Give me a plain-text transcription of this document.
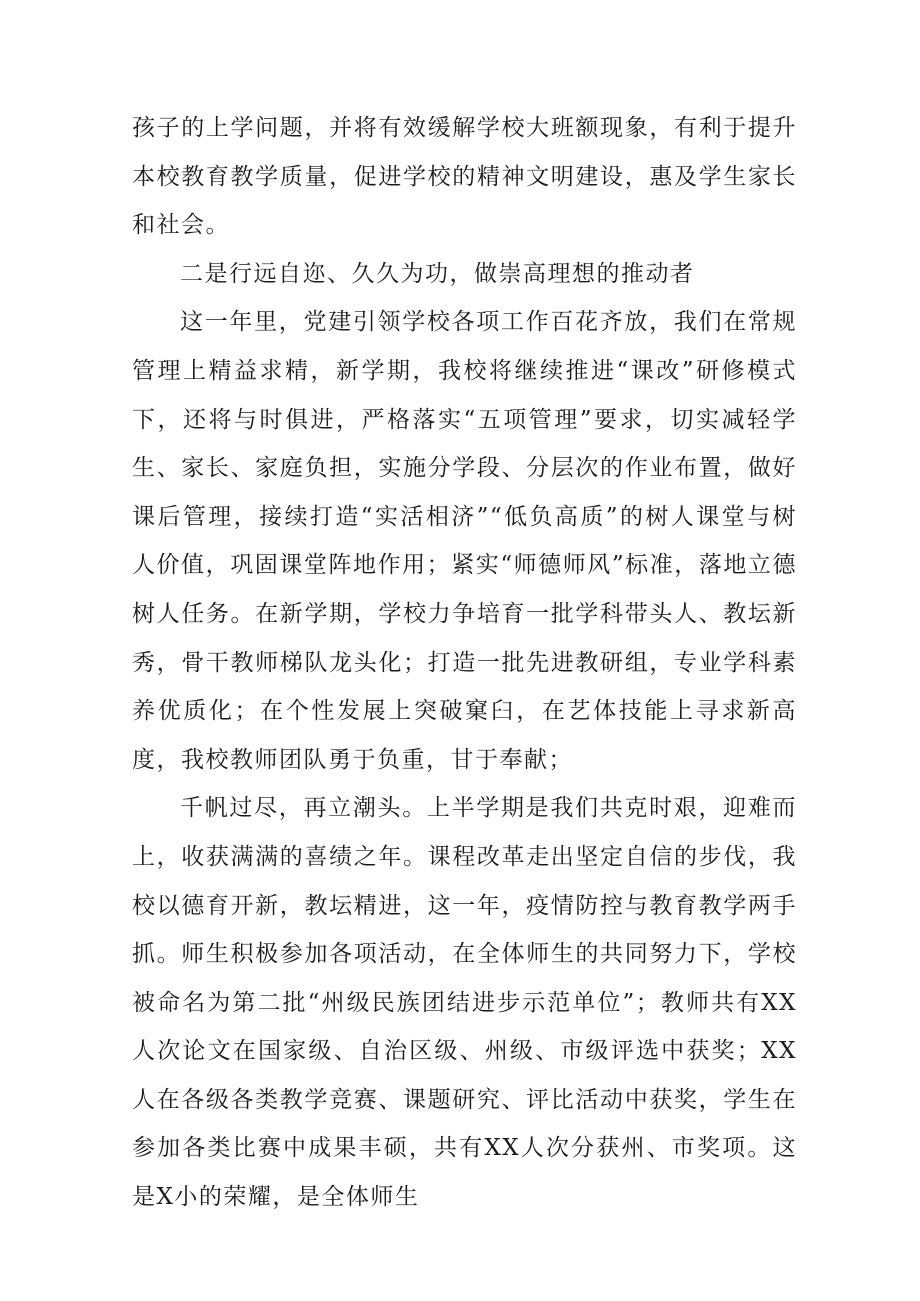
孩子的上学问题，并将有效缓解学校大班额现象，有利于提升本校教育教学质量，促进学校的精神文明建设，惠及学生家长和社会。

二是行远自迩、久久为功，做崇高理想的推动者

这一年里，党建引领学校各项工作百花齐放，我们在常规管理上精益求精，新学期，我校将继续推进“课改”研修模式下，还将与时俱进，严格落实“五项管理”要求，切实减轻学生、家长、家庭负担，实施分学段、分层次的作业布置，做好课后管理，接续打造“实活相济”“低负高质”的树人课堂与树人价值，巩固课堂阵地作用；紧实“师德师风”标准，落地立德树人任务。在新学期，学校力争培育一批学科带头人、教坛新秀，骨干教师梯队龙头化；打造一批先进教研组，专业学科素养优质化；在个性发展上突破窠臼，在艺体技能上寻求新高度，我校教师团队勇于负重，甘于奉献；

千帆过尽，再立潮头。上半学期是我们共克时艰，迎难而上，收获满满的喜绩之年。课程改革走出坚定自信的步伐，我校以德育开新，教坛精进，这一年，疫情防控与教育教学两手抓。师生积极参加各项活动，在全体师生的共同努力下，学校被命名为第二批“州级民族团结进步示范单位”；教师共有XX人次论文在国家级、自治区级、州级、市级评选中获奖；XX人在各级各类教学竞赛、课题研究、评比活动中获奖，学生在参加各类比赛中成果丰硕，共有XX人次分获州、市奖项。这是X小的荣耀，是全体师生
